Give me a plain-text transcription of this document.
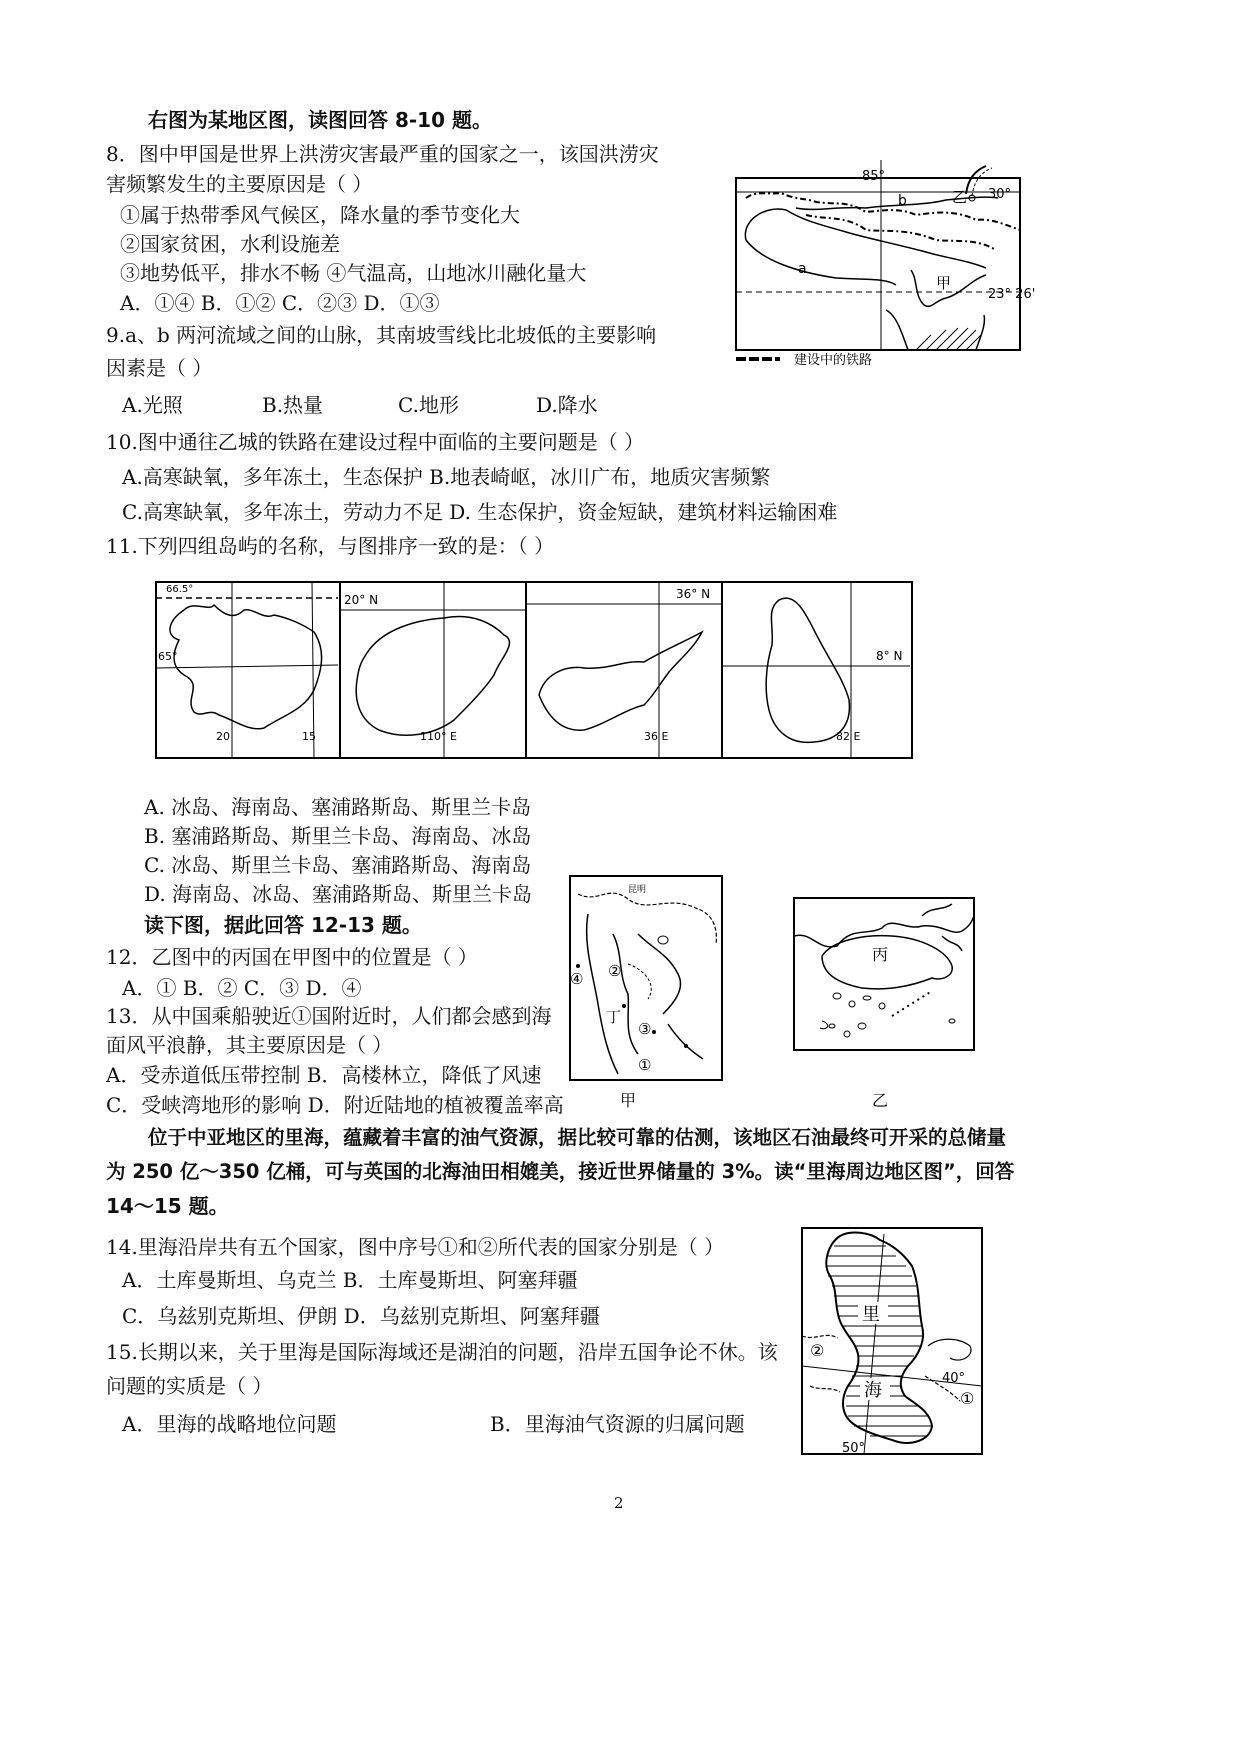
右图为某地区图，读图回答 8-10 题。
8．图中甲国是世界上洪涝灾害最严重的国家之一，该国洪涝灾
害频繁发生的主要原因是（ ）
①属于热带季风气候区，降水量的季节变化大
②国家贫困，水利设施差
③地势低平，排水不畅 ④气温高，山地冰川融化量大
A．①④ B．①② C．②③ D．①③
9.a、b 两河流域之间的山脉，其南坡雪线比北坡低的主要影响
因素是（ ）
A.光照	B.热量	C.地形	D.降水
10.图中通往乙城的铁路在建设过程中面临的主要问题是（ ）
A.高寒缺氧，多年冻土，生态保护 B.地表崎岖，冰川广布，地质灾害频繁
C.高寒缺氧，多年冻土，劳动力不足 D. 生态保护，资金短缺，建筑材料运输困难
11.下列四组岛屿的名称，与图排序一致的是：（ ）
A. 冰岛、海南岛、塞浦路斯岛、斯里兰卡岛
B. 塞浦路斯岛、斯里兰卡岛、海南岛、冰岛
C. 冰岛、斯里兰卡岛、塞浦路斯岛、海南岛
D. 海南岛、冰岛、塞浦路斯岛、斯里兰卡岛
读下图，据此回答 12-13 题。
12．乙图中的丙国在甲图中的位置是（ ）
A．① B．② C．③ D．④
13．从中国乘船驶近①国附近时，人们都会感到海
面风平浪静，其主要原因是（ ）
A．受赤道低压带控制 B．高楼林立，降低了风速
C．受峡湾地形的影响 D．附近陆地的植被覆盖率高
位于中亚地区的里海，蕴藏着丰富的油气资源，据比较可靠的估测，该地区石油最终可开采的总储量
为 250 亿～350 亿桶，可与英国的北海油田相媲美，接近世界储量的 3%。读“里海周边地区图”，回答
14～15 题。
14.里海沿岸共有五个国家，图中序号①和②所代表的国家分别是（ ）
A．土库曼斯坦、乌克兰 B．土库曼斯坦、阿塞拜疆
C．乌兹别克斯坦、伊朗 D．乌兹别克斯坦、阿塞拜疆
15.长期以来，关于里海是国际海域还是湖泊的问题，沿岸五国争论不休。该
问题的实质是（ ）
A．里海的战略地位问题	B．里海油气资源的归属问题
2
85°
30°
23° 26'
b
a
乙
甲
建设中的铁路
66.5°
65°
20	15
20° N
110° E
36° N
36 E
8° N
82 E
昆明
①
②
③
④
丁
甲
丙
乙
里
海	①
②
40°
50°
